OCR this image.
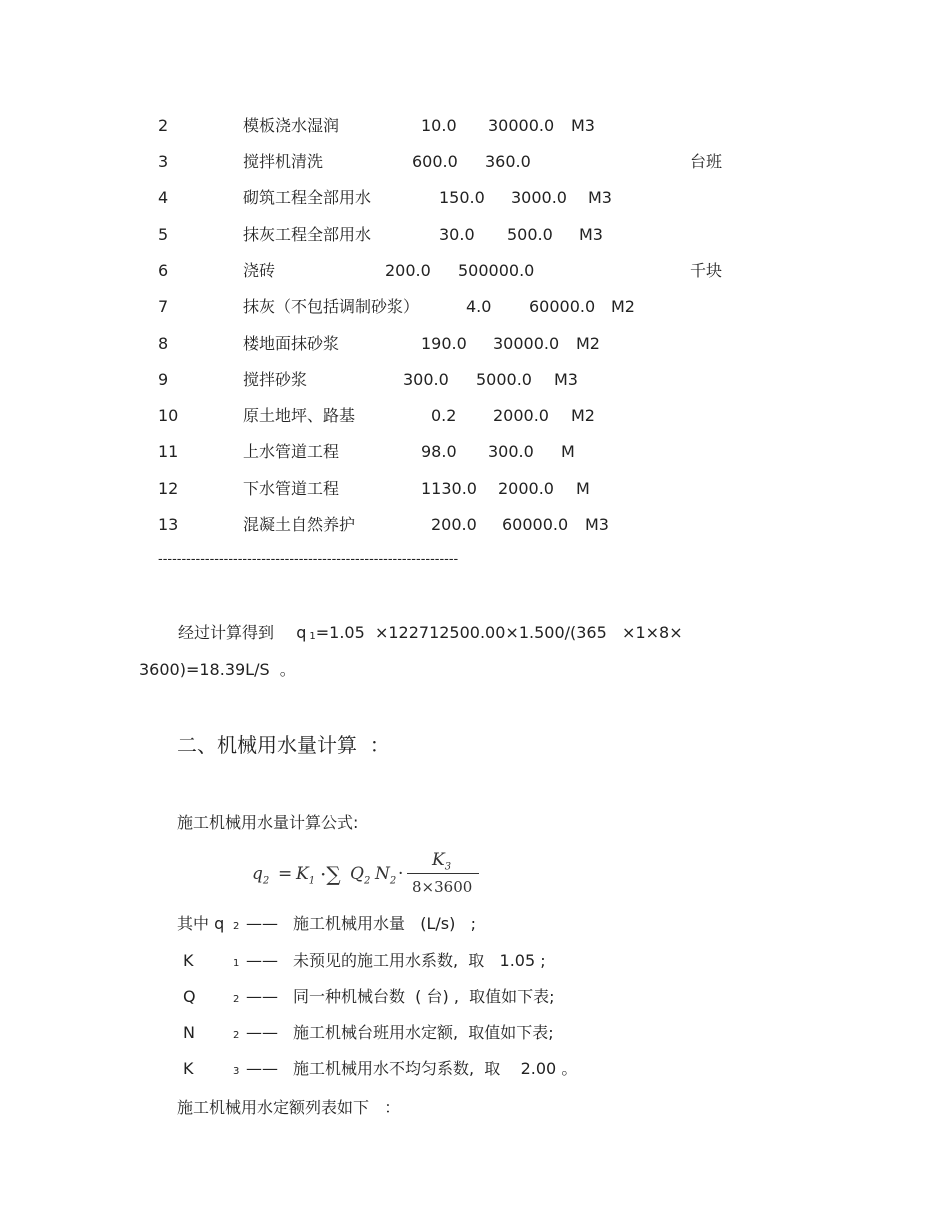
2	模板浇水湿润	10.0 30000.0 M3
3	搅拌机清洗	600.0 360.0	台班
4	砌筑工程全部用水	150.0 3000.0 M3
5	抹灰工程全部用水	30.0 500.0 M3
6	浇砖	200.0 500000.0	千块
7	抹灰（不包括调制砂浆）	4.0 60000.0 M2
8	楼地面抹砂浆	190.0 30000.0 M2
9	搅拌砂浆	300.0 5000.0 M3
10	原土地坪、路基	0.2 2000.0 M2
11	上水管道工程	98.0 300.0 M
12	下水管道工程	1130.0 2000.0 M
13	混凝土自然养护	200.0 60000.0 M3
----------------------------------------------------------------
经过计算得到 q 1=1.05  ×122712500.00×1.500/(365   ×1×8×
3600)=18.39L/S  。
二、机械用水量计算  ：
施工机械用水量计算公式:
$q_2 = K_1$ ·∑ $Q_2$ $N_2$ ·
$K_3$
8×3600
其中 q 2 —— 施工机械用水量   (L/s)   ;
K	1 —— 未预见的施工用水系数,  取   1.05 ;
Q	2 —— 同一种机械台数  ( 台) ,  取值如下表;
N	2 —— 施工机械台班用水定额,  取值如下表;
K	3 —— 施工机械用水不均匀系数,  取    2.00 。
施工机械用水定额列表如下   ：
